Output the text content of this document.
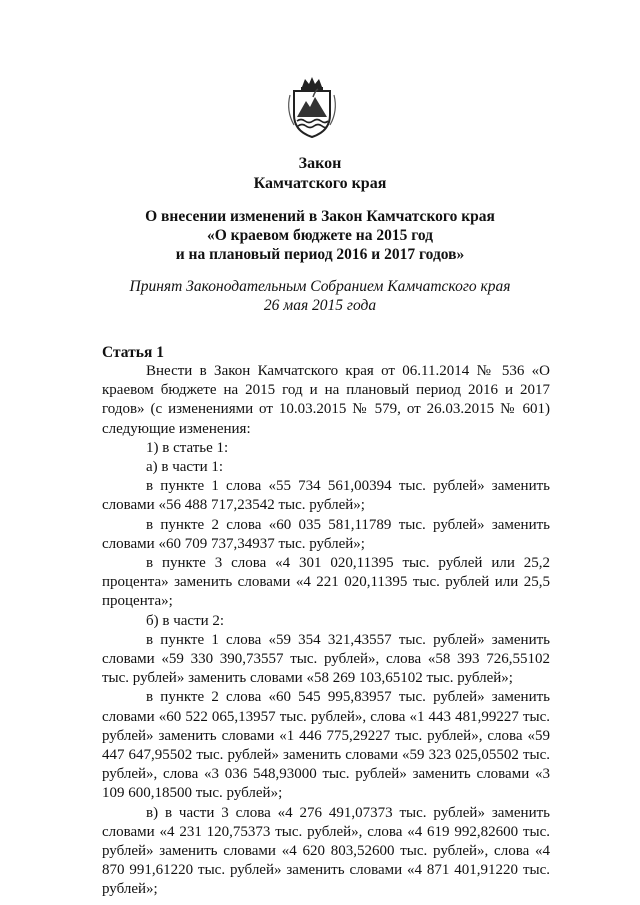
Закон
Камчатского края
О внесении изменений в Закон Камчатского края
«О краевом бюджете на 2015 год
и на плановый период 2016 и 2017 годов»
Принят Законодательным Собранием Камчатского края
26 мая 2015 года
Статья 1

Внести в Закон Камчатского края от 06.11.2014 № 536 «О краевом бюджете на 2015 год и на плановый период 2016 и 2017 годов» (с изменениями от 10.03.2015 № 579, от 26.03.2015 № 601) следующие изменения:

1) в статье 1:

а) в части 1:

в пункте 1 слова «55 734 561,00394 тыс. рублей» заменить словами «56 488 717,23542 тыс. рублей»;

в пункте 2 слова «60 035 581,11789 тыс. рублей» заменить словами «60 709 737,34937 тыс. рублей»;

в пункте 3 слова «4 301 020,11395 тыс. рублей или 25,2 процента» заменить словами «4 221 020,11395 тыс. рублей или 25,5 процента»;

б) в части 2:

в пункте 1 слова «59 354 321,43557 тыс. рублей» заменить словами «59 330 390,73557 тыс. рублей», слова «58 393 726,55102 тыс. рублей» заменить словами «58 269 103,65102 тыс. рублей»;

в пункте 2 слова «60 545 995,83957 тыс. рублей» заменить словами «60 522 065,13957 тыс. рублей», слова «1 443 481,99227 тыс. рублей» заменить словами «1 446 775,29227 тыс. рублей», слова «59 447 647,95502 тыс. рублей» заменить словами «59 323 025,05502 тыс. рублей», слова «3 036 548,93000 тыс. рублей» заменить словами «3 109 600,18500 тыс. рублей»;

в) в части 3 слова «4 276 491,07373 тыс. рублей» заменить словами «4 231 120,75373 тыс. рублей», слова «4 619 992,82600 тыс. рублей» заменить словами «4 620 803,52600 тыс. рублей», слова «4 870 991,61220 тыс. рублей» заменить словами «4 871 401,91220 тыс. рублей»;
